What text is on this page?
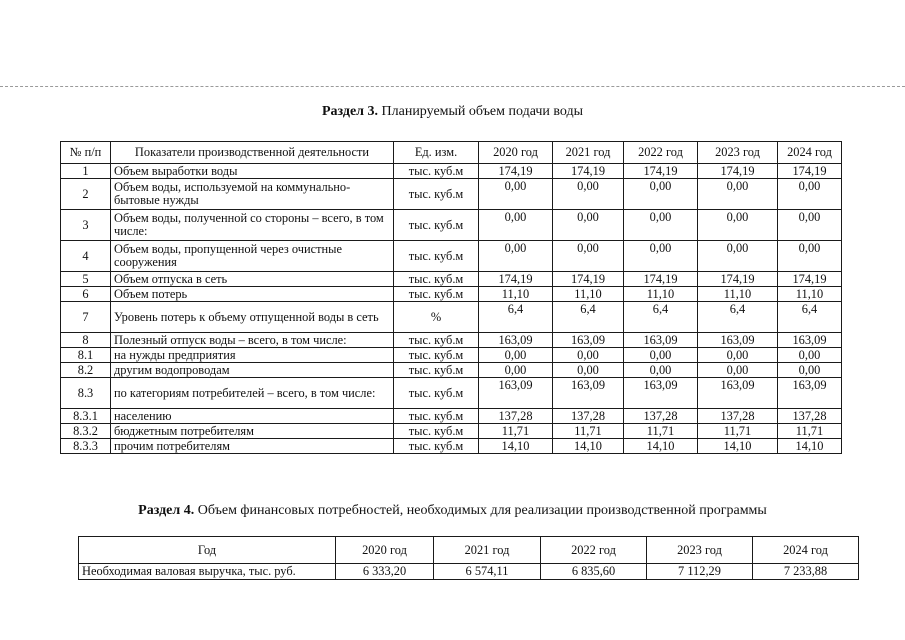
Раздел 3. Планируемый объем подачи воды
№ п/п	Показатели производственной деятельности	Ед. изм.	2020 год	2021 год	2022 год	2023 год	2024 год
1	Объем выработки воды	тыс. куб.м	174,19	174,19	174,19	174,19	174,19
2	Объем воды, используемой на коммунально-бытовые нужды	тыс. куб.м	0,00	0,00	0,00	0,00	0,00
3	Объем воды, полученной со стороны – всего, в том числе:	тыс. куб.м	0,00	0,00	0,00	0,00	0,00
4	Объем воды, пропущенной через очистные сооружения	тыс. куб.м	0,00	0,00	0,00	0,00	0,00
5	Объем отпуска в сеть	тыс. куб.м	174,19	174,19	174,19	174,19	174,19
6	Объем потерь	тыс. куб.м	11,10	11,10	11,10	11,10	11,10
7	Уровень потерь к объему отпущенной воды в сеть	%	6,4	6,4	6,4	6,4	6,4
8	Полезный отпуск воды – всего, в том числе:	тыс. куб.м	163,09	163,09	163,09	163,09	163,09
8.1	на нужды предприятия	тыс. куб.м	0,00	0,00	0,00	0,00	0,00
8.2	другим водопроводам	тыс. куб.м	0,00	0,00	0,00	0,00	0,00
8.3	по категориям потребителей – всего, в том числе:	тыс. куб.м	163,09	163,09	163,09	163,09	163,09
8.3.1	населению	тыс. куб.м	137,28	137,28	137,28	137,28	137,28
8.3.2	бюджетным потребителям	тыс. куб.м	11,71	11,71	11,71	11,71	11,71
8.3.3	прочим потребителям	тыс. куб.м	14,10	14,10	14,10	14,10	14,10
Раздел 4. Объем финансовых потребностей, необходимых для реализации производственной программы
Год	2020 год	2021 год	2022 год	2023 год	2024 год
Необходимая валовая выручка, тыс. руб.	6 333,20	6 574,11	6 835,60	7 112,29	7 233,88
